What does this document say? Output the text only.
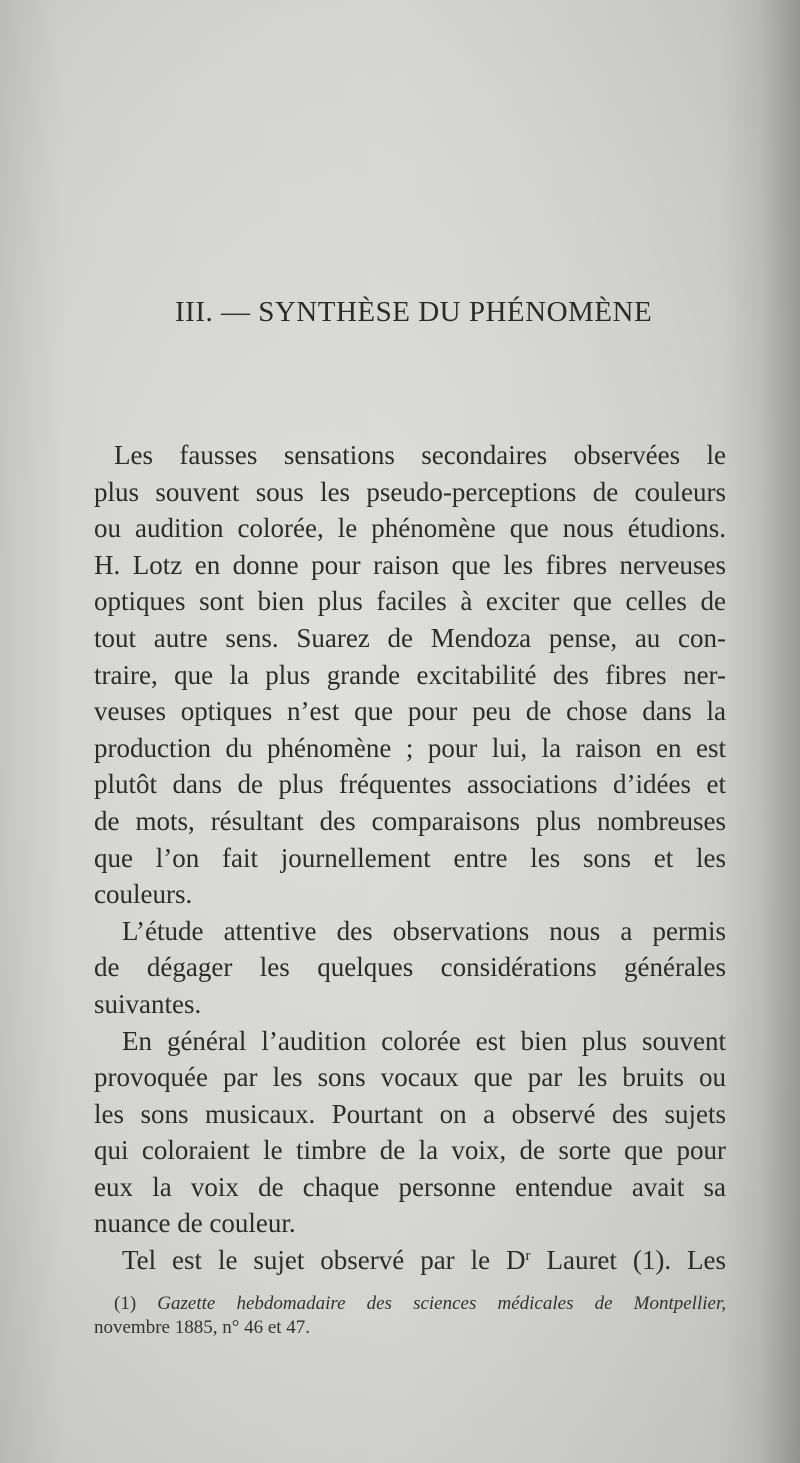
III. — SYNTHÈSE DU PHÉNOMÈNE
Les fausses sensations secondaires observées le
plus souvent sous les pseudo-perceptions de couleurs
ou audition colorée, le phénomène que nous étudions.
H. Lotz en donne pour raison que les fibres nerveuses
optiques sont bien plus faciles à exciter que celles de
tout autre sens. Suarez de Mendoza pense, au con-
traire, que la plus grande excitabilité des fibres ner-
veuses optiques n’est que pour peu de chose dans la
production du phénomène ; pour lui, la raison en est
plutôt dans de plus fréquentes associations d’idées et
de mots, résultant des comparaisons plus nombreuses
que l’on fait journellement entre les sons et les
couleurs.
L’étude attentive des observations nous a permis
de dégager les quelques considérations générales
suivantes.
En général l’audition colorée est bien plus souvent
provoquée par les sons vocaux que par les bruits ou
les sons musicaux. Pourtant on a observé des sujets
qui coloraient le timbre de la voix, de sorte que pour
eux la voix de chaque personne entendue avait sa
nuance de couleur.
Tel est le sujet observé par le $D^r$ Lauret (1). Les
(1) Gazette hebdomadaire des sciences médicales de Montpellier,
novembre 1885, n° 46 et 47.
